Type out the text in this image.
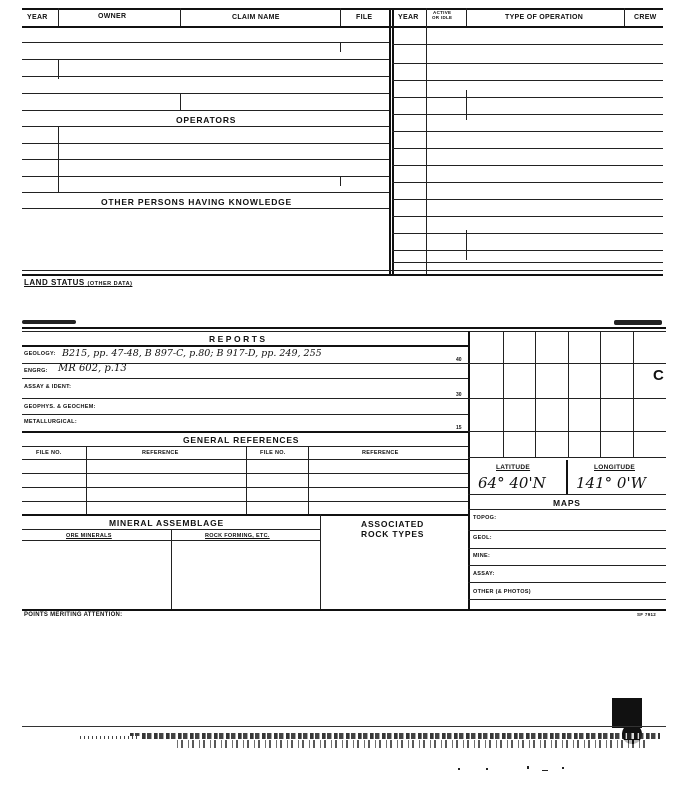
YEAR	OWNER	CLAIM NAME	FILE	YEAR
ACTIVE
OR IDLE	TYPE OF OPERATION	CREW
OPERATORS
OTHER PERSONS HAVING KNOWLEDGE
LAND STATUS (OTHER DATA)
REPORTS
GEOLOGY: B215, pp. 47-48, B 897-C, p.80; B 917-D, pp. 249, 255
40
ENGRG: MR 602, p.13
ASSAY & IDENT:
30
GEOPHYS. & GEOCHEM:
METALLURGICAL:
15
GENERAL REFERENCES
FILE NO.	REFERENCE	FILE NO.	REFERENCE
MINERAL ASSEMBLAGE
ORE MINERALS	ROCK FORMING, ETC.
ASSOCIATED
ROCK TYPES
POINTS MERITING ATTENTION:	SF 7912
C
LATITUDE	LONGITUDE
64° 40'N 141° 0'W
MAPS
TOPOG:
GEOL:
MINE:
ASSAY:
OTHER (& PHOTOS)
